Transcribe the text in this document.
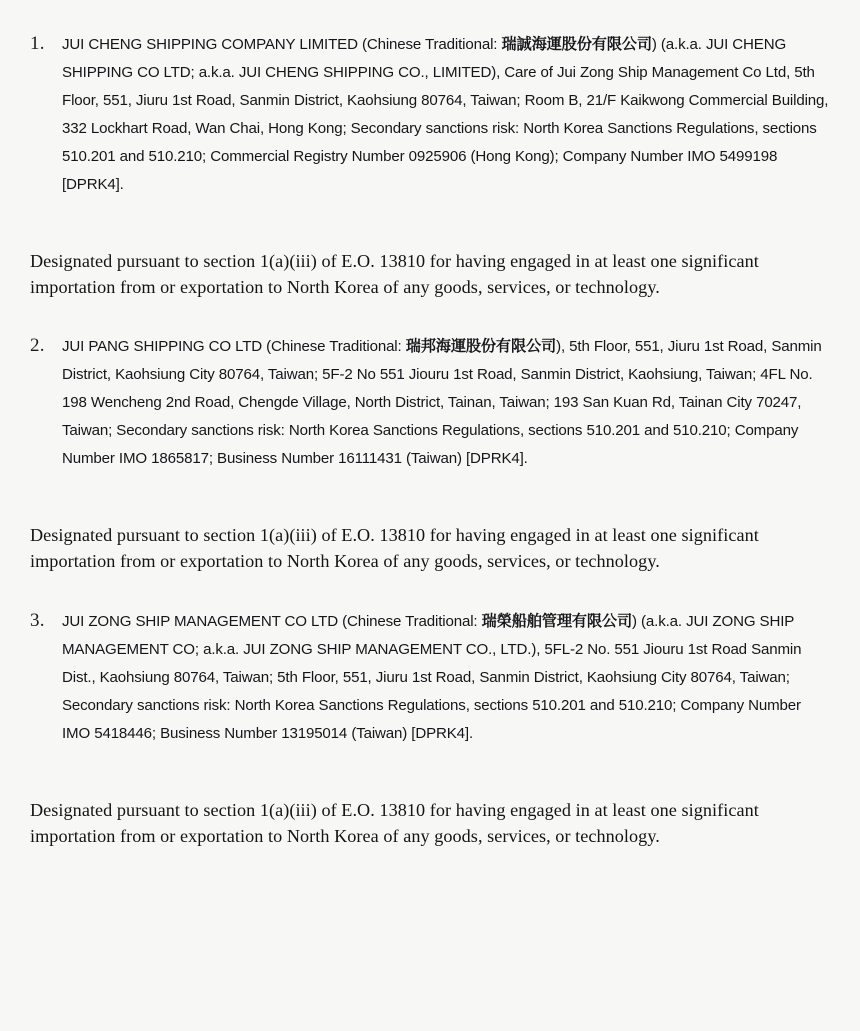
1. JUI CHENG SHIPPING COMPANY LIMITED (Chinese Traditional: 瑞誠海運股份有限公司) (a.k.a. JUI CHENG SHIPPING CO LTD; a.k.a. JUI CHENG SHIPPING CO., LIMITED), Care of Jui Zong Ship Management Co Ltd, 5th Floor, 551, Jiuru 1st Road, Sanmin District, Kaohsiung 80764, Taiwan; Room B, 21/F Kaikwong Commercial Building, 332 Lockhart Road, Wan Chai, Hong Kong; Secondary sanctions risk: North Korea Sanctions Regulations, sections 510.201 and 510.210; Commercial Registry Number 0925906 (Hong Kong); Company Number IMO 5499198 [DPRK4].

Designated pursuant to section 1(a)(iii) of E.O. 13810 for having engaged in at least one significant importation from or exportation to North Korea of any goods, services, or technology.

2. JUI PANG SHIPPING CO LTD (Chinese Traditional: 瑞邦海運股份有限公司), 5th Floor, 551, Jiuru 1st Road, Sanmin District, Kaohsiung City 80764, Taiwan; 5F-2 No 551 Jiouru 1st Road, Sanmin District, Kaohsiung, Taiwan; 4FL No. 198 Wencheng 2nd Road, Chengde Village, North District, Tainan, Taiwan; 193 San Kuan Rd, Tainan City 70247, Taiwan; Secondary sanctions risk: North Korea Sanctions Regulations, sections 510.201 and 510.210; Company Number IMO 1865817; Business Number 16111431 (Taiwan) [DPRK4].

Designated pursuant to section 1(a)(iii) of E.O. 13810 for having engaged in at least one significant importation from or exportation to North Korea of any goods, services, or technology.

3. JUI ZONG SHIP MANAGEMENT CO LTD (Chinese Traditional: 瑞榮船舶管理有限公司) (a.k.a. JUI ZONG SHIP MANAGEMENT CO; a.k.a. JUI ZONG SHIP MANAGEMENT CO., LTD.), 5FL-2 No. 551 Jiouru 1st Road Sanmin Dist., Kaohsiung 80764, Taiwan; 5th Floor, 551, Jiuru 1st Road, Sanmin District, Kaohsiung City 80764, Taiwan; Secondary sanctions risk: North Korea Sanctions Regulations, sections 510.201 and 510.210; Company Number IMO 5418446; Business Number 13195014 (Taiwan) [DPRK4].

Designated pursuant to section 1(a)(iii) of E.O. 13810 for having engaged in at least one significant importation from or exportation to North Korea of any goods, services, or technology.
